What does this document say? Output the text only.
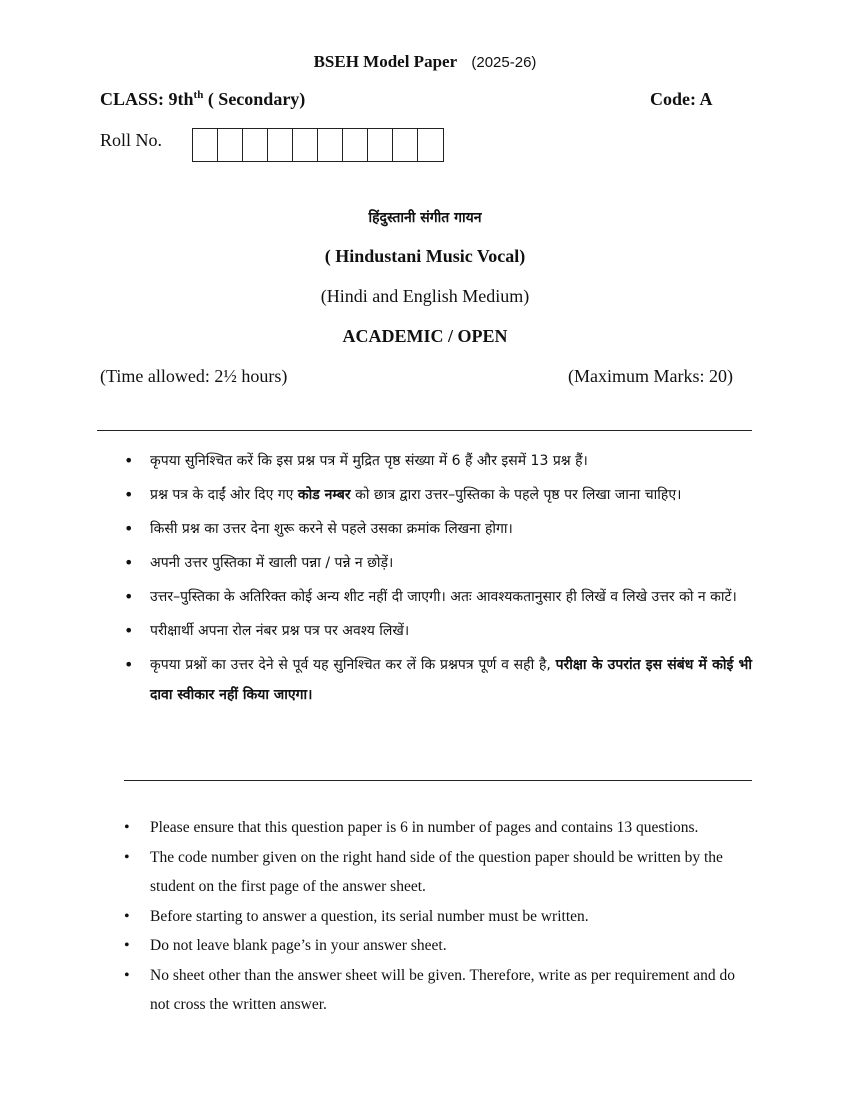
BSEH Model Paper (2025-26)
CLASS: $9th^{th}$ ( Secondary)	Code: A
Roll No.
हिंदुस्तानी संगीत गायन
( Hindustani Music Vocal)
(Hindi and English Medium)
ACADEMIC / OPEN
(Time allowed: 2½ hours)	(Maximum Marks: 20)
• कृपया सुनिश्चित करें कि इस प्रश्न पत्र में मुद्रित पृष्ठ संख्या में 6 हैं और इसमें 13 प्रश्न हैं।
• प्रश्न पत्र के दाईं ओर दिए गए कोड नम्बर को छात्र द्वारा उत्तर–पुस्तिका के पहले पृष्ठ पर लिखा जाना चाहिए।
• किसी प्रश्न का उत्तर देना शुरू करने से पहले उसका क्रमांक लिखना होगा।
• अपनी उत्तर पुस्तिका में खाली पन्ना / पन्ने न छोड़ें।
• उत्तर–पुस्तिका के अतिरिक्त कोई अन्य शीट नहीं दी जाएगी। अतः आवश्यकतानुसार ही लिखें व लिखे उत्तर को न काटें।
• परीक्षार्थी अपना रोल नंबर प्रश्न पत्र पर अवश्य लिखें।
• कृपया प्रश्नों का उत्तर देने से पूर्व यह सुनिश्चित कर लें कि प्रश्नपत्र पूर्ण व सही है, परीक्षा के उपरांत इस संबंध में कोई भी दावा स्वीकार नहीं किया जाएगा।
• Please ensure that this question paper is 6 in number of pages and contains 13 questions.
• The code number given on the right hand side of the question paper should be written by the student on the first page of the answer sheet.
• Before starting to answer a question, its serial number must be written.
• Do not leave blank page’s in your answer sheet.
• No sheet other than the answer sheet will be given. Therefore, write as per requirement and do not cross the written answer.
